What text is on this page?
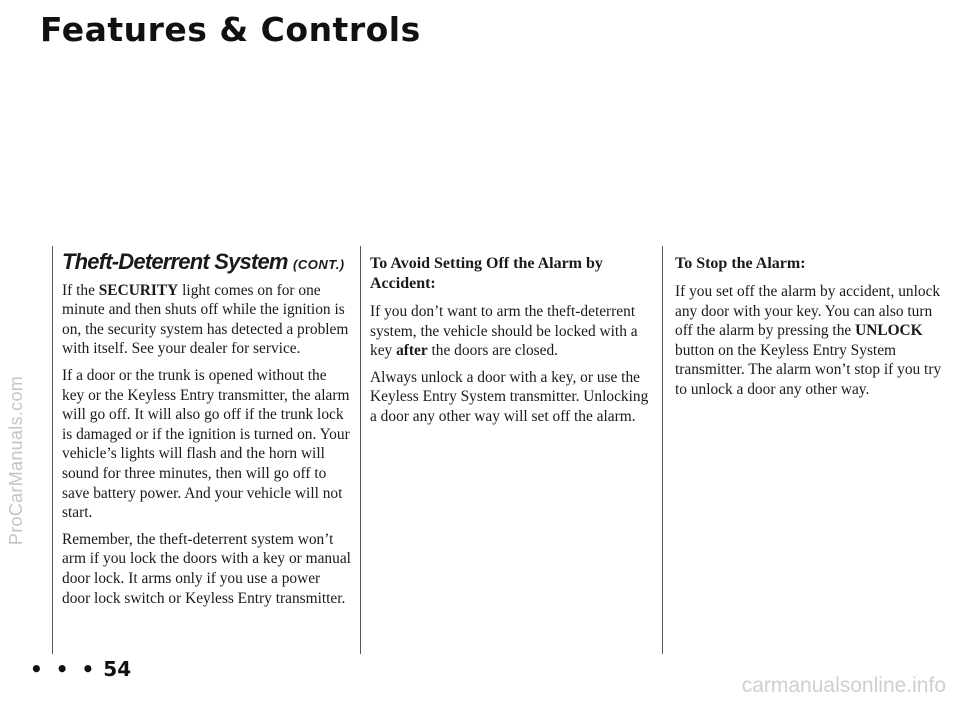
Features & Controls
ProCarManuals.com
Theft-Deterrent System (CONT.)

If the SECURITY light comes on for one minute and then shuts off while the ignition is on, the security system has detected a problem with itself. See your dealer for service.

If a door or the trunk is opened without the key or the Keyless Entry transmitter, the alarm will go off. It will also go off if the trunk lock is damaged or if the ignition is turned on. Your vehicle’s lights will flash and the horn will sound for three minutes, then will go off to save battery power. And your vehicle will not start.

Remember, the theft-deterrent system won’t arm if you lock the doors with a key or manual door lock. It arms only if you use a power door lock switch or Keyless Entry transmitter.

To Avoid Setting Off the Alarm by Accident:

If you don’t want to arm the theft-deterrent system, the vehicle should be locked with a key after the doors are closed.

Always unlock a door with a key, or use the Keyless Entry System transmitter. Unlocking a door any other way will set off the alarm.

To Stop the Alarm:

If you set off the alarm by accident, unlock any door with your key. You can also turn off the alarm by pressing the UNLOCK button on the Keyless Entry System transmitter. The alarm won’t stop if you try to unlock a door any other way.

• • • 54
carmanualsonline.info
